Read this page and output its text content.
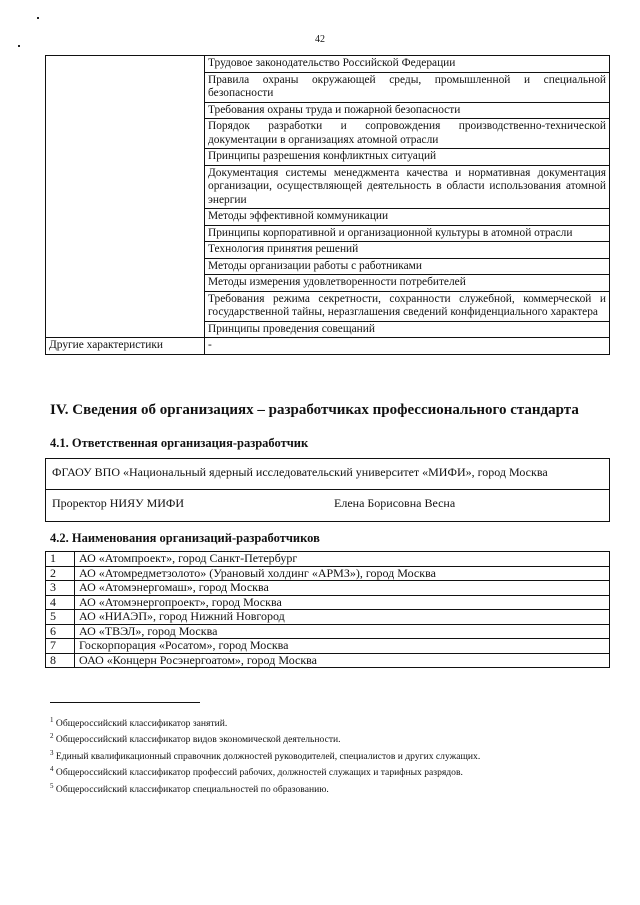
42
	Трудовое законодательство Российской Федерации
	Правила охраны окружающей среды, промышленной и специальной безопасности
	Требования охраны труда и пожарной безопасности
	Порядок разработки и сопровождения производственно-технической документации в организациях атомной отрасли
	Принципы разрешения конфликтных ситуаций
	Документация системы менеджмента качества и нормативная документация организации, осуществляющей деятельность в области использования атомной энергии
	Методы эффективной коммуникации
	Принципы корпоративной и организационной культуры в атомной отрасли
	Технология принятия решений
	Методы организации работы с работниками
	Методы измерения удовлетворенности потребителей
	Требования режима секретности, сохранности служебной, коммерческой и государственной тайны, неразглашения сведений конфиденциального характера
	Принципы проведения совещаний
Другие характеристики	-
IV. Сведения об организациях – разработчиках профессионального стандарта
4.1. Ответственная организация-разработчик
ФГАОУ ВПО «Национальный ядерный исследовательский университет «МИФИ», город Москва
Проректор НИЯУ МИФИ	Елена Борисовна Весна
4.2. Наименования организаций-разработчиков
1	АО «Атомпроект», город Санкт-Петербург
2	АО «Атомредметзолото» (Урановый холдинг «АРМЗ»), город Москва
3	АО «Атомэнергомаш», город Москва
4	АО «Атомэнергопроект», город Москва
5	АО «НИАЭП», город Нижний Новгород
6	АО «ТВЭЛ», город Москва
7	Госкорпорация «Росатом», город Москва
8	ОАО «Концерн Росэнергоатом», город Москва
$^1$ Общероссийский классификатор занятий.
$^2$ Общероссийский классификатор видов экономической деятельности.
$^3$ Единый квалификационный справочник должностей руководителей, специалистов и других служащих.
$^4$ Общероссийский классификатор профессий рабочих, должностей служащих и тарифных разрядов.
$^5$ Общероссийский классификатор специальностей по образованию.
